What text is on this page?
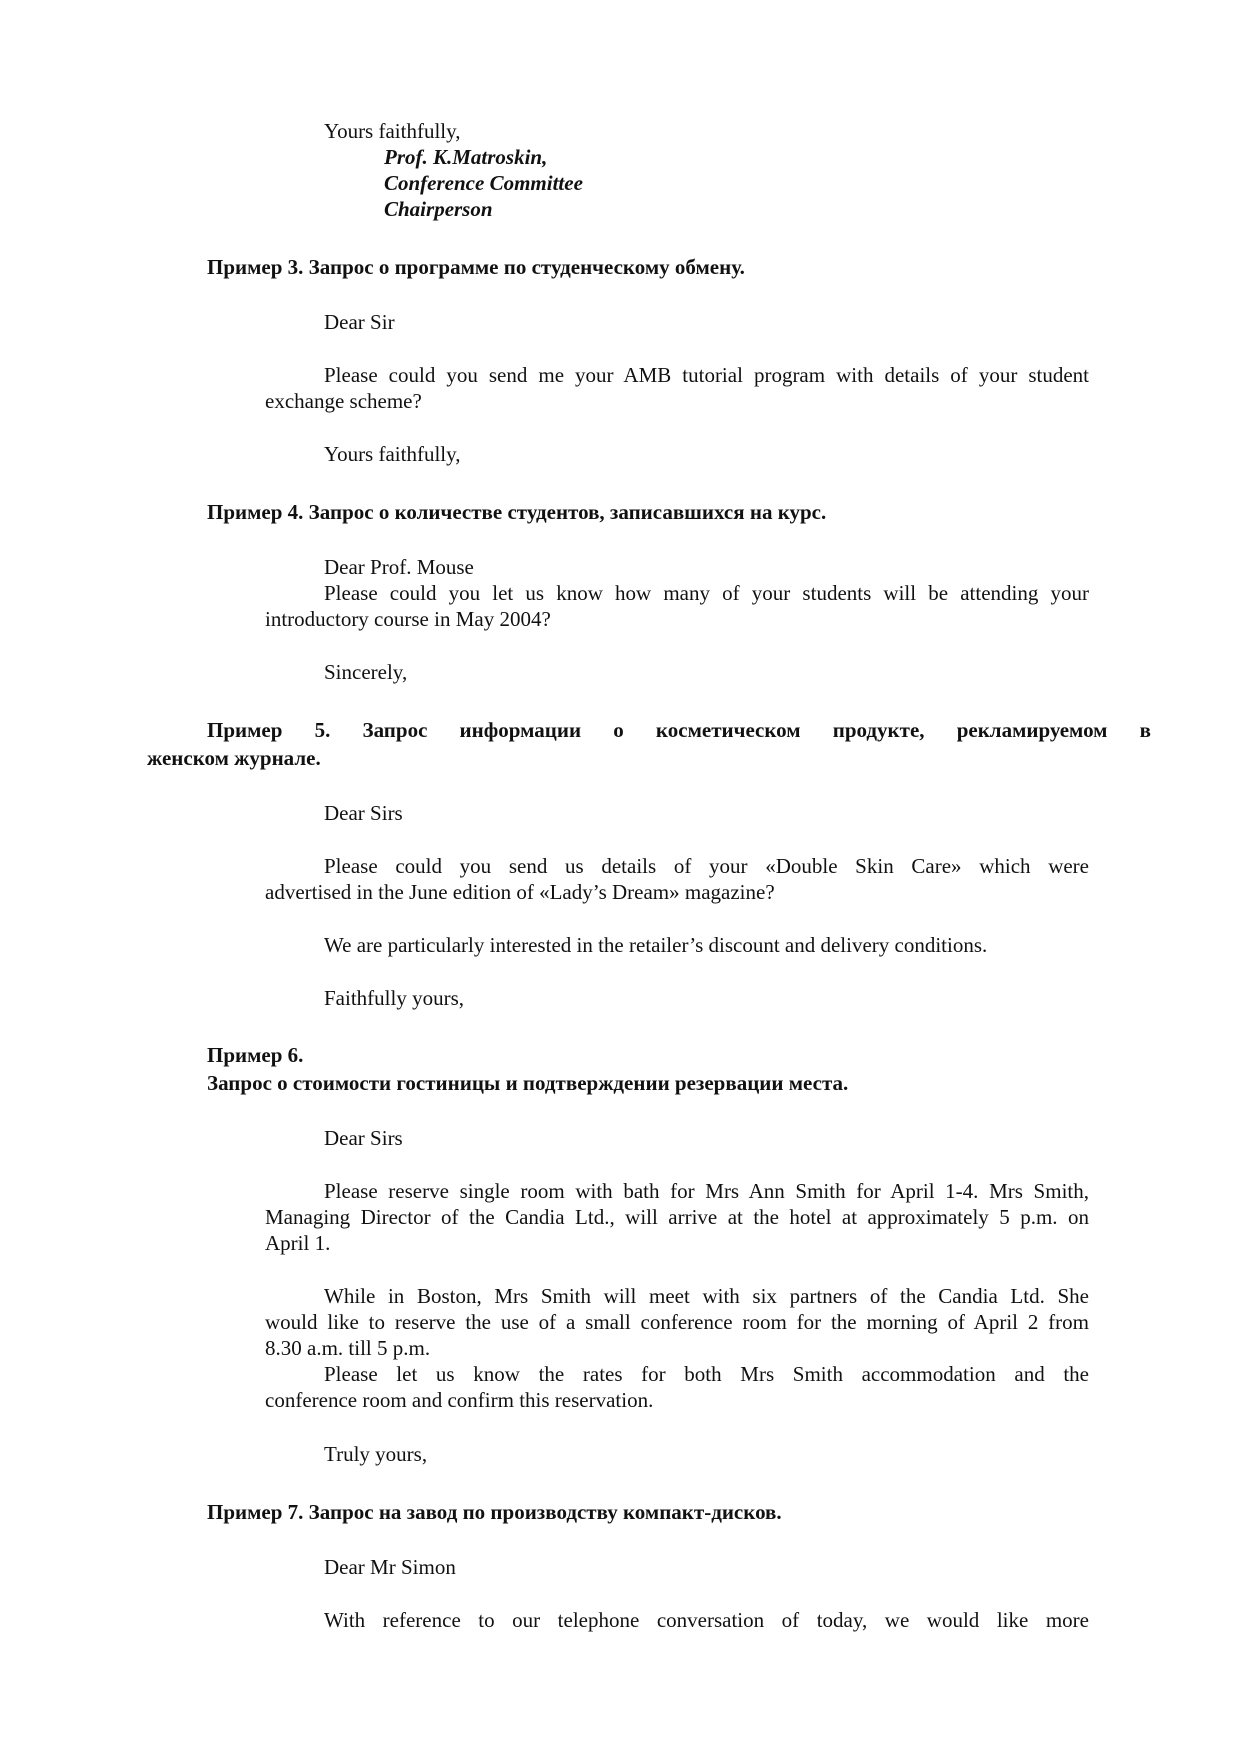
Yours faithfully,
Prof. K.Matroskin,
Conference Committee
Chairperson
Пример 3. Запрос о программе по студенческому обмену.
Dear Sir
Please could you send me your AMB tutorial program with details of your student
exchange scheme?
Yours faithfully,
Пример 4. Запрос о количестве студентов, записавшихся на курс.
Dear Prof. Mouse
Please could you let us know how many of your students will be attending your
introductory course in May 2004?
Sincerely,
Пример 5. Запрос информации о косметическом продукте, рекламируемом в
женском журнале.
Dear Sirs
Please could you send us details of your «Double Skin Care» which were
advertised in the June edition of «Lady’s Dream» magazine?
We are particularly interested in the retailer’s discount and delivery conditions.
Faithfully yours,
Пример 6.
Запрос о стоимости гостиницы и подтверждении резервации места.
Dear Sirs
Please reserve single room with bath for Mrs Ann Smith for April 1-4. Mrs Smith,
Managing Director of the Candia Ltd., will arrive at the hotel at approximately 5 p.m. on
April 1.
While in Boston, Mrs Smith will meet with six partners of the Candia Ltd. She
would like to reserve the use of a small conference room for the morning of April 2 from
8.30 a.m. till 5 p.m.
Please let us know the rates for both Mrs Smith accommodation and the
conference room and confirm this reservation.
Truly yours,
Пример 7. Запрос на завод по производству компакт-дисков.
Dear Mr Simon
With reference to our telephone conversation of today, we would like more
